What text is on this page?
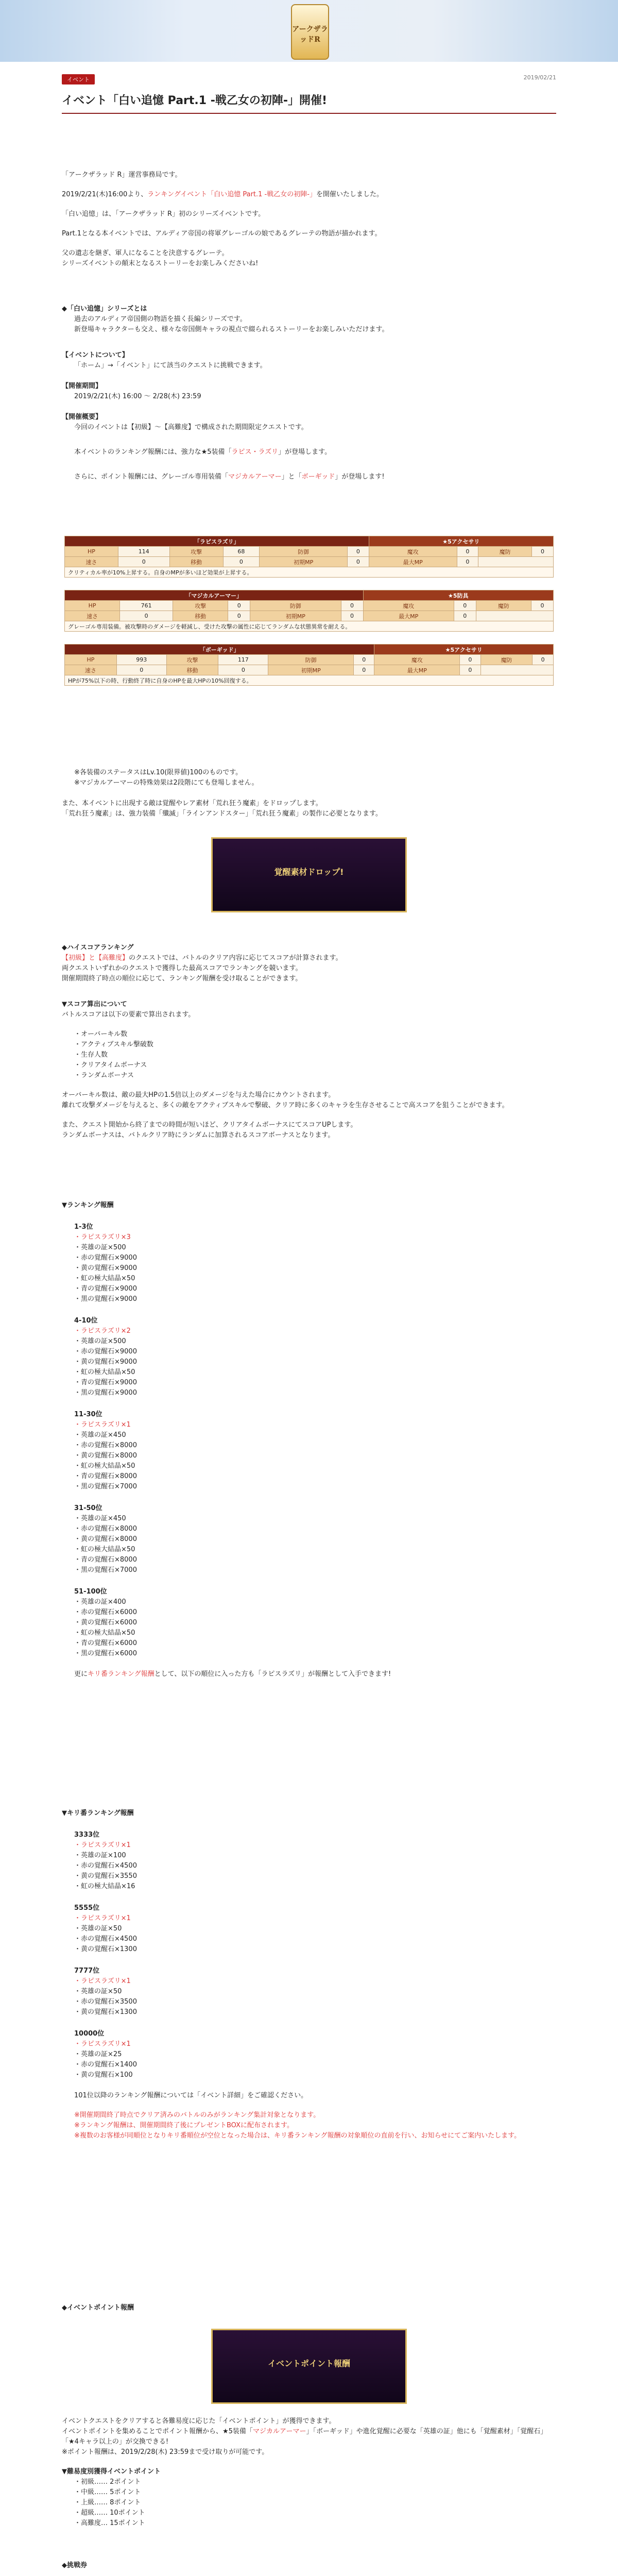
アークザラッドR
イベント	2019/02/21
イベント「白い追憶 Part.1 -戦乙女の初陣-」開催!

「アークザラッド R」運営事務局です。

2019/2/21(木)16:00より、ランキングイベント「白い追憶 Part.1 -戦乙女の初陣-」を開催いたしました。

「白い追憶」は、「アークザラッド R」初のシリーズイベントです。

Part.1となる本イベントでは、アルディア帝国の将軍グレーゴルの娘であるグレーテの物語が描かれます。

父の遺志を継ぎ、軍人になることを決意するグレーテ。

シリーズイベントの顛末となるストーリーをお楽しみくださいね!

◆「白い追憶」シリーズとは

過去のアルディア帝国側の物語を描く長編シリーズです。

新登場キャラクターも交え、様々な帝国側キャラの視点で綴られるストーリーをお楽しみいただけます。

【イベントについて】

「ホーム」→「イベント」にて該当のクエストに挑戦できます。

【開催期間】

2019/2/21(木) 16:00 〜 2/28(木) 23:59

【開催概要】

今回のイベントは【初級】〜【高難度】で構成された期間限定クエストです。

本イベントのランキング報酬には、強力な★5装備「ラピス・ラズリ」が登場します。

さらに、ポイント報酬には、グレーゴル専用装備「マジカルアーマー」と「ボーギッド」が登場します!

「ラピスラズリ」						★5アクセサリ			
HP	114	攻撃	68	防御	0	魔攻	0	魔防	0
速さ	0	移動	0	初期MP	0	最大MP	0		
クリティカル率が10%上昇する。自身のMPが多いほど効果が上昇する。									
「マジカルアーマー」						★5防具			
HP	761	攻撃	0	防御	0	魔攻	0	魔防	0
速さ	0	移動	0	初期MP	0	最大MP	0		
グレーゴル専用装備。被攻撃時のダメージを軽減し、受けた攻撃の属性に応じてランダムな状態異常を耐える。									
「ボーギッド」						★5アクセサリ			
HP	993	攻撃	117	防御	0	魔攻	0	魔防	0
速さ	0	移動	0	初期MP	0	最大MP	0		
HPが75%以下の時、行動終了時に自身のHPを最大HPの10%回復する。									

※各装備のステータスはLv.10(限界値)100のものです。

※マジカルアーマーの特殊効果は2段階にても登場しません。

また、本イベントに出現する敵は覚醒やレア素材「荒れ狂う魔素」をドロップします。

「荒れ狂う魔素」は、強力装備「殲滅」「ラインアンドスター」「荒れ狂う魔素」の製作に必要となります。

覚醒素材ドロップ!

◆ハイスコアランキング

【初級】と【高難度】のクエストでは、バトルのクリア内容に応じてスコアが計算されます。

両クエストいずれかのクエストで獲得した最高スコアでランキングを競います。

開催期間終了時点の順位に応じて、ランキング報酬を受け取ることができます。

▼スコア算出について

バトルスコアは以下の要素で算出されます。

・オーバーキル数

・アクティブスキル撃破数

・生存人数

・クリアタイムボーナス

・ランダムボーナス

オーバーキル数は、敵の最大HPの1.5倍以上のダメージを与えた場合にカウントされます。

離れて攻撃ダメージを与えると、多くの敵をアクティブスキルで撃破、クリア時に多くのキャラを生存させることで高スコアを狙うことができます。

また、クエスト開始から終了までの時間が短いほど、クリアタイムボーナスにてスコアUPします。

ランダムボーナスは、バトルクリア時にランダムに加算されるスコアボーナスとなります。

▼ランキング報酬

1-3位

・ラピスラズリ×3

・英雄の証×500

・赤の覚醒石×9000

・黄の覚醒石×9000

・虹の極大結晶×50

・青の覚醒石×9000

・黒の覚醒石×9000

4-10位

・ラピスラズリ×2

・英雄の証×500

・赤の覚醒石×9000

・黄の覚醒石×9000

・虹の極大結晶×50

・青の覚醒石×9000

・黒の覚醒石×9000

11-30位

・ラピスラズリ×1

・英雄の証×450

・赤の覚醒石×8000

・黄の覚醒石×8000

・虹の極大結晶×50

・青の覚醒石×8000

・黒の覚醒石×7000

31-50位

・英雄の証×450

・赤の覚醒石×8000

・黄の覚醒石×8000

・虹の極大結晶×50

・青の覚醒石×8000

・黒の覚醒石×7000

51-100位

・英雄の証×400

・赤の覚醒石×6000

・黄の覚醒石×6000

・虹の極大結晶×50

・青の覚醒石×6000

・黒の覚醒石×6000

更にキリ番ランキング報酬として、以下の順位に入った方も「ラピスラズリ」が報酬として入手できます!

▼キリ番ランキング報酬

3333位

・ラピスラズリ×1

・英雄の証×100

・赤の覚醒石×4500

・黄の覚醒石×3550

・虹の極大結晶×16

5555位

・ラピスラズリ×1

・英雄の証×50

・赤の覚醒石×4500

・黄の覚醒石×1300

7777位

・ラピスラズリ×1

・英雄の証×50

・赤の覚醒石×3500

・黄の覚醒石×1300

10000位

・ラピスラズリ×1

・英雄の証×25

・赤の覚醒石×1400

・黄の覚醒石×100

101位以降のランキング報酬については「イベント詳細」をご確認ください。

※開催期間終了時点でクリア済みのバトルのみがランキング集計対象となります。

※ランキング報酬は、開催期間終了後にプレゼントBOXに配布されます。

※複数のお客様が同順位となりキリ番順位が空位となった場合は、キリ番ランキング報酬の対象順位の直前を行い、お知らせにてご案内いたします。

◆イベントポイント報酬

イベントポイント報酬

イベントクエストをクリアすると各難易度に応じた「イベントポイント」が獲得できます。

イベントポイントを集めることでポイント報酬から、★5装備「マジカルアーマー」「ボーギッド」や進化覚醒に必要な「英雄の証」他にも「覚醒素材」「覚醒石」「★4キャラ以上の」が交換できる!

※ポイント報酬は、2019/2/28(木) 23:59まで受け取りが可能です。

▼難易度別獲得イベントポイント

・初級…… 2ポイント

・中級…… 5ポイント

・上級…… 8ポイント

・超級…… 10ポイント

・高難度… 15ポイント

◆挑戦券
